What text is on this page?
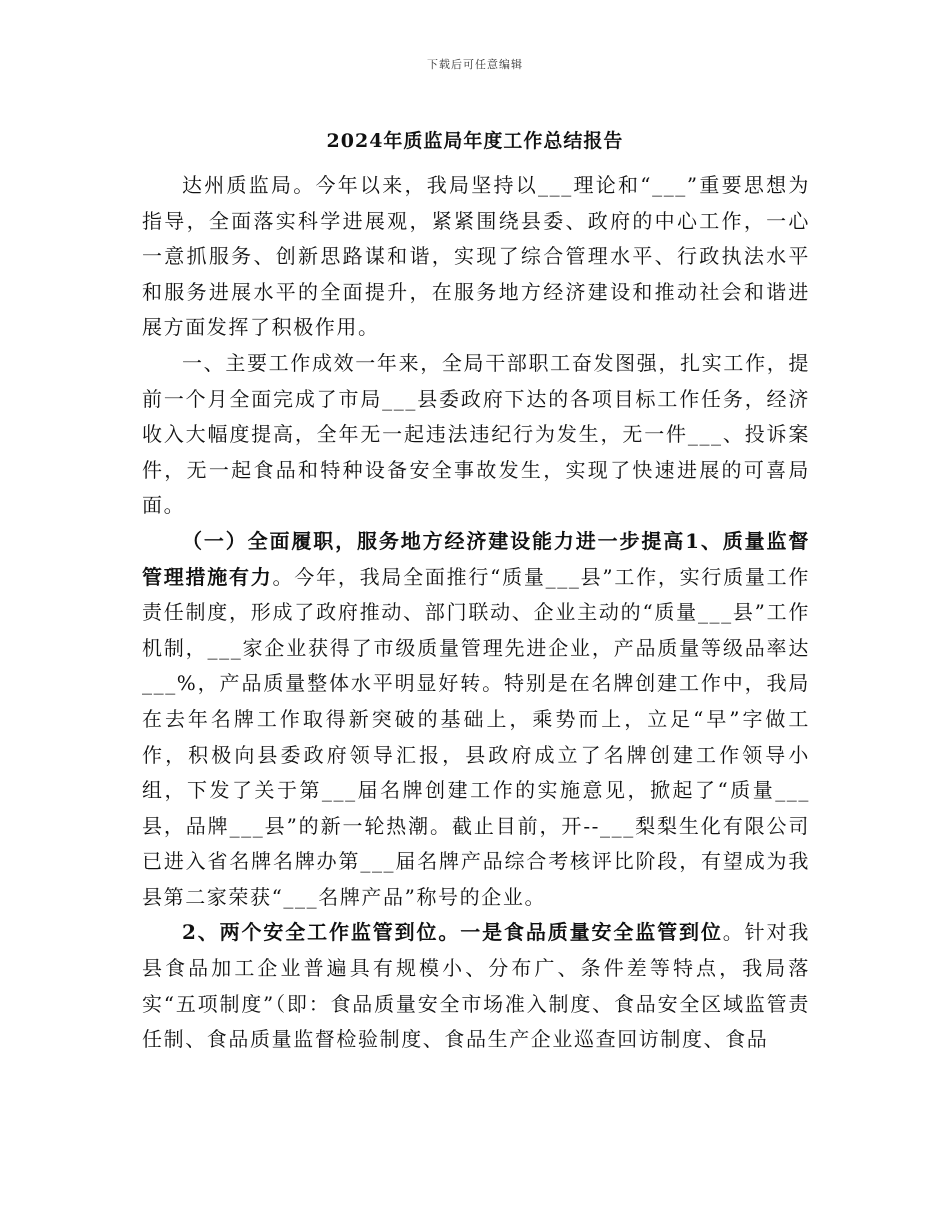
下载后可任意编辑
2024年质监局年度工作总结报告

达州质监局。今年以来，我局坚持以___理论和“___”重要思想为指导，全面落实科学进展观，紧紧围绕县委、政府的中心工作，一心一意抓服务、创新思路谋和谐，实现了综合管理水平、行政执法水平和服务进展水平的全面提升，在服务地方经济建设和推动社会和谐进展方面发挥了积极作用。

一、主要工作成效一年来，全局干部职工奋发图强，扎实工作，提前一个月全面完成了市局___县委政府下达的各项目标工作任务，经济收入大幅度提高，全年无一起违法违纪行为发生，无一件___、投诉案件，无一起食品和特种设备安全事故发生，实现了快速进展的可喜局面。

（一）全面履职，服务地方经济建设能力进一步提高1、质量监督管理措施有力。今年，我局全面推行“质量___县”工作，实行质量工作责任制度，形成了政府推动、部门联动、企业主动的“质量___县”工作机制，___家企业获得了市级质量管理先进企业，产品质量等级品率达___%，产品质量整体水平明显好转。特别是在名牌创建工作中，我局在去年名牌工作取得新突破的基础上，乘势而上，立足“早”字做工作，积极向县委政府领导汇报，县政府成立了名牌创建工作领导小组，下发了关于第___届名牌创建工作的实施意见，掀起了“质量___县，品牌___县”的新一轮热潮。截止目前，开--___梨梨生化有限公司已进入省名牌名牌办第___届名牌产品综合考核评比阶段，有望成为我县第二家荣获“___名牌产品”称号的企业。

2、两个安全工作监管到位。一是食品质量安全监管到位。针对我县食品加工企业普遍具有规模小、分布广、条件差等特点，我局落实“五项制度”（即：食品质量安全市场准入制度、食品安全区域监管责任制、食品质量监督检验制度、食品生产企业巡查回访制度、食品
